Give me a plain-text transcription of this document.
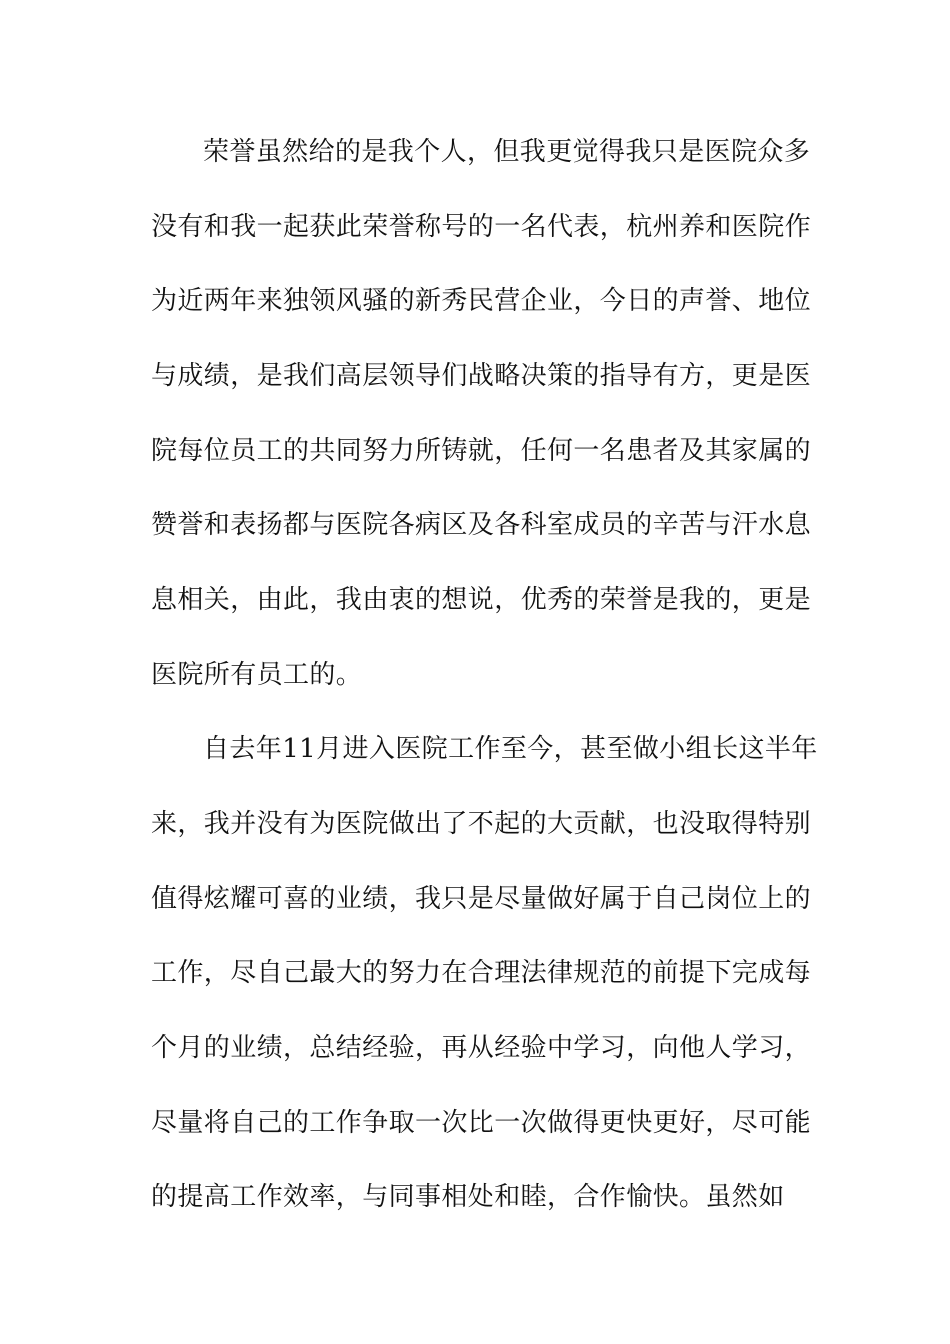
荣誉虽然给的是我个人，但我更觉得我只是医院众多
没有和我一起获此荣誉称号的一名代表，杭州养和医院作
为近两年来独领风骚的新秀民营企业，今日的声誉、地位
与成绩，是我们高层领导们战略决策的指导有方，更是医
院每位员工的共同努力所铸就，任何一名患者及其家属的
赞誉和表扬都与医院各病区及各科室成员的辛苦与汗水息
息相关，由此，我由衷的想说，优秀的荣誉是我的，更是
医院所有员工的。
自去年11月进入医院工作至今，甚至做小组长这半年
来，我并没有为医院做出了不起的大贡献，也没取得特别
值得炫耀可喜的业绩，我只是尽量做好属于自己岗位上的
工作，尽自己最大的努力在合理法律规范的前提下完成每
个月的业绩，总结经验，再从经验中学习，向他人学习，
尽量将自己的工作争取一次比一次做得更快更好，尽可能
的提高工作效率，与同事相处和睦，合作愉快。虽然如
